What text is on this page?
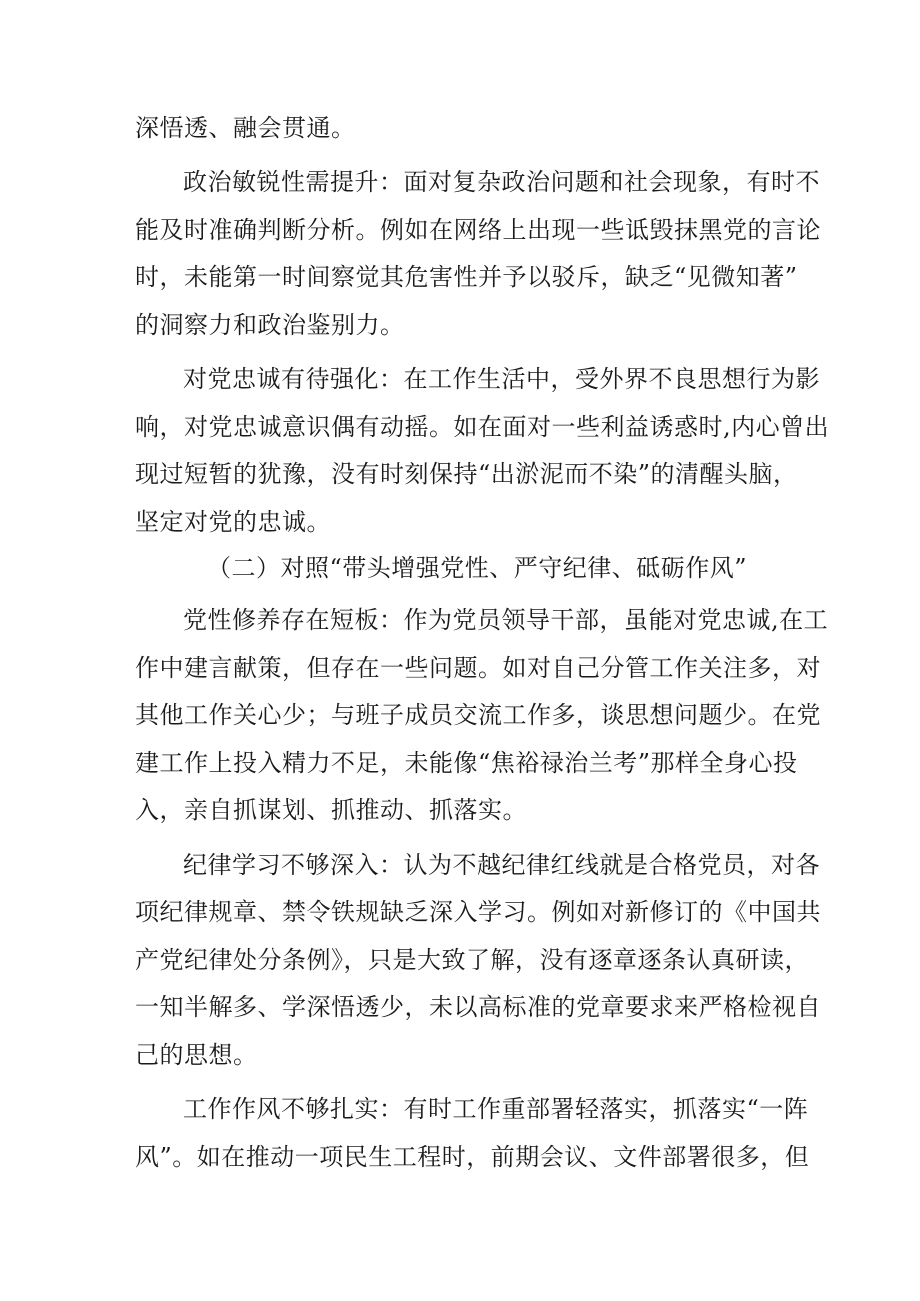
深悟透、融会贯通。
政治敏锐性需提升：面对复杂政治问题和社会现象，有时不
能及时准确判断分析。例如在网络上出现一些诋毁抹黑党的言论
时，未能第一时间察觉其危害性并予以驳斥，缺乏“见微知著”
的洞察力和政治鉴别力。
对党忠诚有待强化：在工作生活中，受外界不良思想行为影
响，对党忠诚意识偶有动摇。如在面对一些利益诱惑时,内心曾出
现过短暂的犹豫，没有时刻保持“出淤泥而不染”的清醒头脑，
坚定对党的忠诚。
（二）对照“带头增强党性、严守纪律、砥砺作风”
党性修养存在短板：作为党员领导干部，虽能对党忠诚,在工
作中建言献策，但存在一些问题。如对自己分管工作关注多，对
其他工作关心少；与班子成员交流工作多，谈思想问题少。在党
建工作上投入精力不足，未能像“焦裕禄治兰考”那样全身心投
入，亲自抓谋划、抓推动、抓落实。
纪律学习不够深入：认为不越纪律红线就是合格党员，对各
项纪律规章、禁令铁规缺乏深入学习。例如对新修订的《中国共
产党纪律处分条例》，只是大致了解，没有逐章逐条认真研读，
一知半解多、学深悟透少，未以高标准的党章要求来严格检视自
己的思想。
工作作风不够扎实：有时工作重部署轻落实，抓落实“一阵
风”。如在推动一项民生工程时，前期会议、文件部署很多，但
